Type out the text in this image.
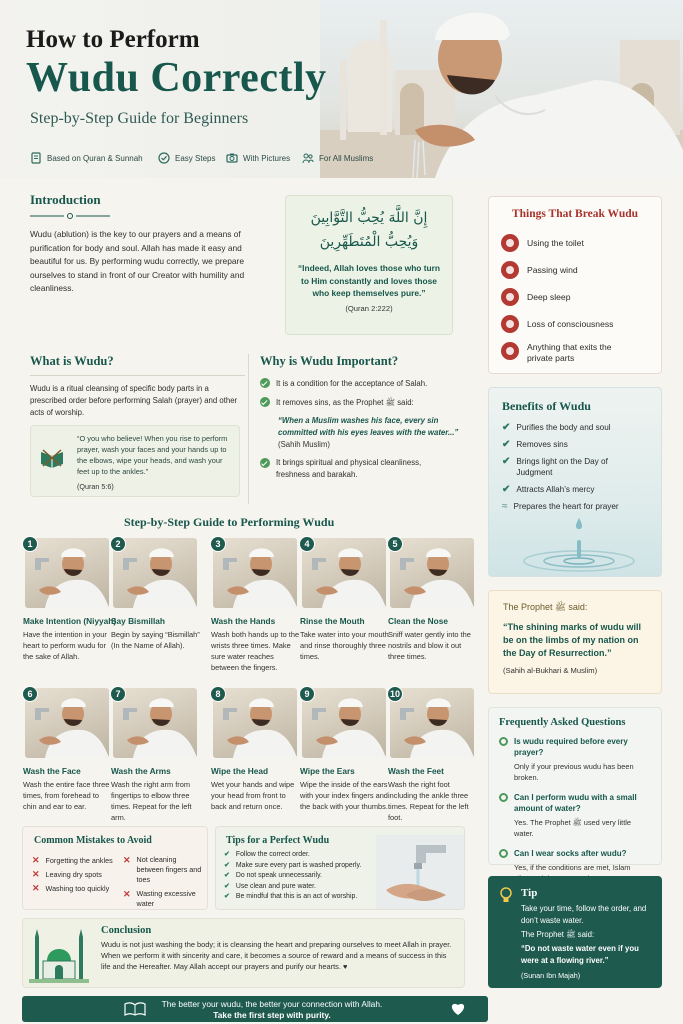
How to Perform
Wudu Correctly
Step-by-Step Guide for Beginners
Based on Quran & Sunnah	Easy Steps	With Pictures	For All Muslims
Introduction
Wudu (ablution) is the key to our prayers and a means of purification for body and soul. Allah has made it easy and beautiful for us. By performing wudu correctly, we prepare ourselves to stand in front of our Creator with humility and cleanliness.
إِنَّ اللَّهَ يُحِبُّ التَّوَّابِينَ وَيُحِبُّ الْمُتَطَهِّرِينَ
“Indeed, Allah loves those who turn to Him constantly and loves those who keep themselves pure.”
(Quran 2:222)
What is Wudu?
Wudu is a ritual cleansing of specific body parts in a prescribed order before performing Salah (prayer) and other acts of worship.
“O you who believe! When you rise to perform prayer, wash your faces and your hands up to the elbows, wipe your heads, and wash your feet up to the ankles.”
(Quran 5:6)
Why is Wudu Important?
It is a condition for the acceptance of Salah.
It removes sins, as the Prophet ﷺ said:
“When a Muslim washes his face, every sin committed with his eyes leaves with the water...” (Sahih Muslim)
It brings spiritual and physical cleanliness, freshness and barakah.
Things That Break Wudu
Using the toilet
Passing wind
Deep sleep
Loss of consciousness
Anything that exits the private parts
Benefits of Wudu
✔ Purifies the body and soul
✔ Removes sins
✔ Brings light on the Day of Judgment
✔ Attracts Allah’s mercy
≈ Prepares the heart for prayer
The Prophet ﷺ said:
“The shining marks of wudu will be on the limbs of my nation on the Day of Resurrection.”
(Sahih al-Bukhari & Muslim)
Frequently Asked Questions
Is wudu required before every prayer?
Only if your previous wudu has been broken.
Can I perform wudu with a small amount of water?
Yes. The Prophet ﷺ used very little water.
Can I wear socks after wudu?
Yes, if the conditions are met, Islam
Tip
Take your time, follow the order, and don’t waste water.
The Prophet ﷺ said:
“Do not waste water even if you were at a flowing river.”
(Sunan Ibn Majah)
Step-by-Step Guide to Performing Wudu
1
Make Intention (Niyyah)
Have the intention in your heart to perform wudu for the sake of Allah.
2
Say Bismillah
Begin by saying “Bismillah” (In the Name of Allah).
3
Wash the Hands
Wash both hands up to the wrists three times. Make sure water reaches between the fingers.
4
Rinse the Mouth
Take water into your mouth and rinse thoroughly three times.
5
Clean the Nose
Sniff water gently into the nostrils and blow it out three times.
6
Wash the Face
Wash the entire face three times, from forehead to chin and ear to ear.
7
Wash the Arms
Wash the right arm from fingertips to elbow three times. Repeat for the left arm.
8
Wipe the Head
Wet your hands and wipe your head from front to back and return once.
9
Wipe the Ears
Wipe the inside of the ears with your index fingers and the back with your thumbs.
10
Wash the Feet
Wash the right foot including the ankle three times. Repeat for the left foot.
Common Mistakes to Avoid
✕ Forgetting the ankles
✕ Leaving dry spots
✕ Washing too quickly
✕ Not cleaning between fingers and toes
✕ Wasting excessive water
Tips for a Perfect Wudu
✔ Follow the correct order.
✔ Make sure every part is washed properly.
✔ Do not speak unnecessarily.
✔ Use clean and pure water.
✔ Be mindful that this is an act of worship.
Conclusion
Wudu is not just washing the body; it is cleansing the heart and preparing ourselves to meet Allah in prayer. When we perform it with sincerity and care, it becomes a source of reward and a means of success in this life and the Hereafter. May Allah accept our prayers and purify our hearts. ♥
The better your wudu, the better your connection with Allah.
Take the first step with purity.
